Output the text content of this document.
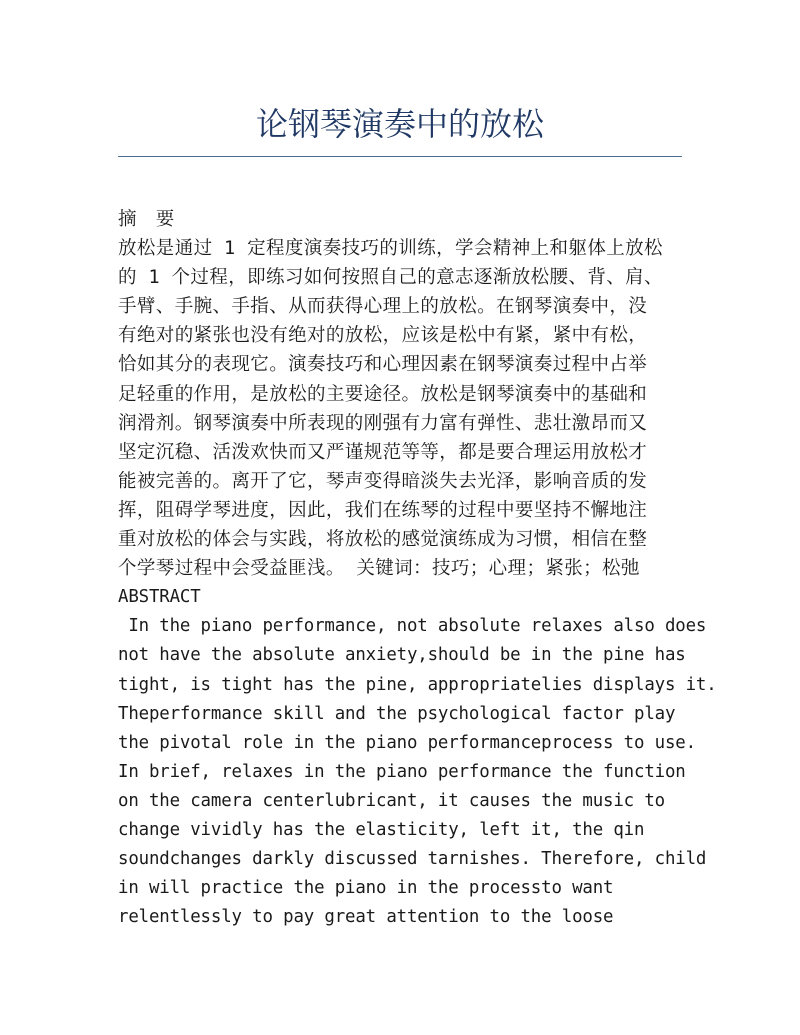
论钢琴演奏中的放松
摘　要
放松是通过 1 定程度演奏技巧的训练，学会精神上和躯体上放松
的 1 个过程，即练习如何按照自己的意志逐渐放松腰、背、肩、
手臂、手腕、手指、从而获得心理上的放松。在钢琴演奏中，没
有绝对的紧张也没有绝对的放松，应该是松中有紧，紧中有松，
恰如其分的表现它。演奏技巧和心理因素在钢琴演奏过程中占举
足轻重的作用，是放松的主要途径。放松是钢琴演奏中的基础和
润滑剂。钢琴演奏中所表现的刚强有力富有弹性、悲壮激昂而又
坚定沉稳、活泼欢快而又严谨规范等等，都是要合理运用放松才
能被完善的。离开了它，琴声变得暗淡失去光泽，影响音质的发
挥，阻碍学琴进度，因此，我们在练琴的过程中要坚持不懈地注
重对放松的体会与实践，将放松的感觉演练成为习惯，相信在整
个学琴过程中会受益匪浅。 关键词：技巧；心理；紧张；松弛
ABSTRACT
In the piano performance, not absolute relaxes also does
not have the absolute anxiety,should be in the pine has
tight, is tight has the pine, appropriatelies displays it.
Theperformance skill and the psychological factor play
the pivotal role in the piano performanceprocess to use.
In brief, relaxes in the piano performance the function
on the camera centerlubricant, it causes the music to
change vividly has the elasticity, left it, the qin
soundchanges darkly discussed tarnishes. Therefore, child
in will practice the piano in the processto want
relentlessly to pay great attention to the loose
